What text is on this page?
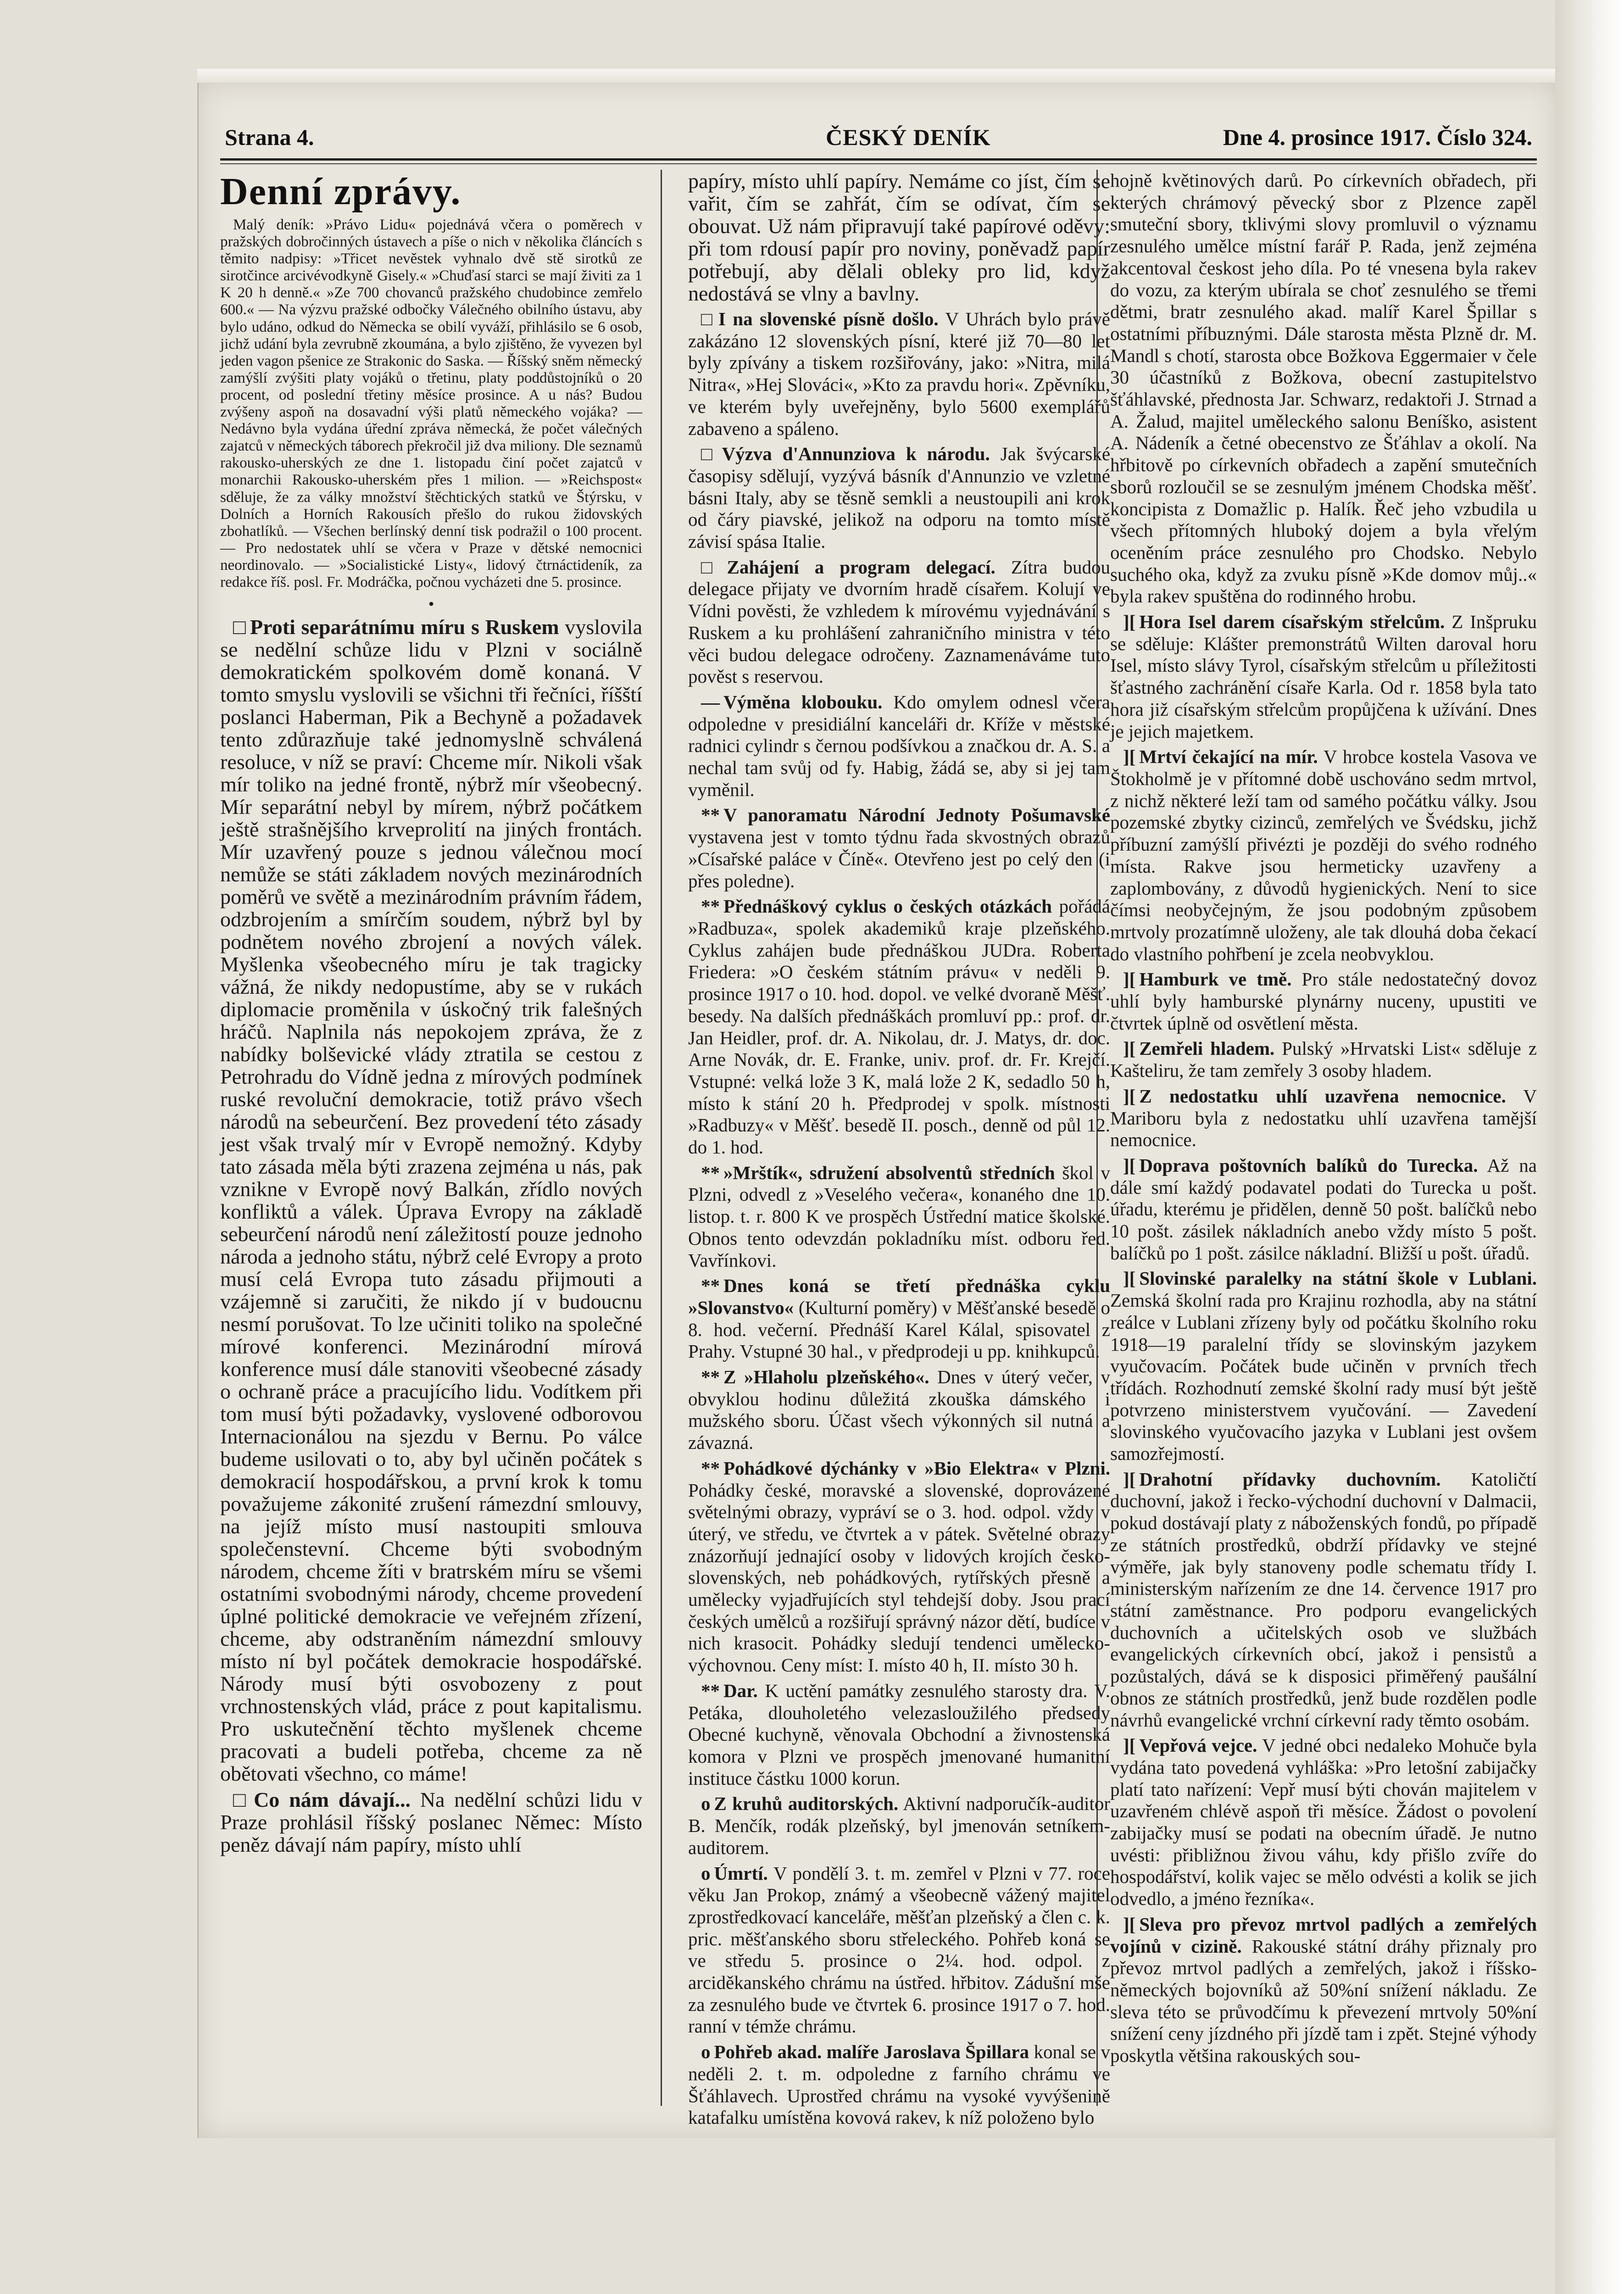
Strana 4.	ČESKÝ DENÍK	Dne 4. prosince 1917. Číslo 324.
Denní zprávy.

Malý deník: »Právo Lidu« pojednává včera o poměrech v pražských dobročinných ústavech a píše o nich v několika článcích s těmito nadpisy: »Třicet nevěstek vyhnalo dvě stě sirotků ze sirotčince arcivévodkyně Gisely.« »Chuďasí starci se mají živiti za 1 K 20 h denně.« »Ze 700 chovanců pražského chudobince zemřelo 600.« — Na výzvu pražské odbočky Válečného obilního ústavu, aby bylo udáno, odkud do Německa se obilí vyváží, přihlásilo se 6 osob, jichž udání byla zevrubně zkoumána, a bylo zjištěno, že vyvezen byl jeden vagon pšenice ze Strakonic do Saska. — Říšský sněm německý zamýšlí zvýšiti platy vojáků o třetinu, platy poddůstojníků o 20 procent, od poslední třetiny měsíce prosince. A u nás? Budou zvýšeny aspoň na dosavadní výši platů německého vojáka? — Nedávno byla vydána úřední zpráva německá, že počet válečných zajatců v německých táborech překročil již dva miliony. Dle seznamů rakousko-uherských ze dne 1. listopadu činí počet zajatců v monarchii Rakousko-uherském přes 1 milion. — »Reichspost« sděluje, že za války množství štěchtických statků ve Štýrsku, v Dolních a Horních Rakousích přešlo do rukou židovských zbohatlíků. — Všechen berlínský denní tisk podražil o 100 procent. — Pro nedostatek uhlí se včera v Praze v dětské nemocnici neordinovalo. — »Socialistické Listy«, lidový čtrnáctideník, za redakce říš. posl. Fr. Modráčka, počnou vycházeti dne 5. prosince.

•

□ Proti separátnímu míru s Ruskem vyslovila se nedělní schůze lidu v Plzni v sociálně demokratickém spolkovém domě konaná. V tomto smyslu vyslovili se všichni tři řečníci, říšští poslanci Haberman, Pik a Bechyně a požadavek tento zdůrazňuje také jednomyslně schválená resoluce, v níž se praví: Chceme mír. Nikoli však mír toliko na jedné frontě, nýbrž mír všeobecný. Mír separátní nebyl by mírem, nýbrž počátkem ještě strašnějšího krveprolití na jiných frontách. Mír uzavřený pouze s jednou válečnou mocí nemůže se státi základem nových mezinárodních poměrů ve světě a mezinárodním právním řádem, odzbrojením a smírčím soudem, nýbrž byl by podnětem nového zbrojení a nových válek. Myšlenka všeobecného míru je tak tragicky vážná, že nikdy nedopustíme, aby se v rukách diplomacie proměnila v úskočný trik falešných hráčů. Naplnila nás nepokojem zpráva, že z nabídky bolševické vlády ztratila se cestou z Petrohradu do Vídně jedna z mírových podmínek ruské revoluční demokracie, totiž právo všech národů na sebeurčení. Bez provedení této zásady jest však trvalý mír v Evropě nemožný. Kdyby tato zásada měla býti zrazena zejména u nás, pak vznikne v Evropě nový Balkán, zřídlo nových konfliktů a válek. Úprava Evropy na základě sebeurčení národů není záležitostí pouze jednoho národa a jednoho státu, nýbrž celé Evropy a proto musí celá Evropa tuto zásadu přijmouti a vzájemně si zaručiti, že nikdo jí v budoucnu nesmí porušovat. To lze učiniti toliko na společné mírové konferenci. Mezinárodní mírová konference musí dále stanoviti všeobecné zásady o ochraně práce a pracujícího lidu. Vodítkem při tom musí býti požadavky, vyslovené odborovou Internacionálou na sjezdu v Bernu. Po válce budeme usilovati o to, aby byl učiněn počátek s demokracií hospodářskou, a první krok k tomu považujeme zákonité zrušení rámezdní smlouvy, na jejíž místo musí nastoupiti smlouva společenstevní. Chceme býti svobodným národem, chceme žíti v bratrském míru se všemi ostatními svobodnými národy, chceme provedení úplné politické demokracie ve veřejném zřízení, chceme, aby odstraněním námezdní smlouvy místo ní byl počátek demokracie hospodářské. Národy musí býti osvobozeny z pout vrchnostenských vlád, práce z pout kapitalismu. Pro uskutečnění těchto myšlenek chceme pracovati a budeli potřeba, chceme za ně obětovati všechno, co máme!

□ Co nám dávají... Na nedělní schůzi lidu v Praze prohlásil říšský poslanec Němec: Místo peněz dávají nám papíry, místo uhlí

papíry, místo uhlí papíry. Nemáme co jíst, čím se vařit, čím se zahřát, čím se odívat, čím se obouvat. Už nám připravují také papírové oděvy: při tom rdousí papír pro noviny, poněvadž papír potřebují, aby dělali obleky pro lid, když nedostává se vlny a bavlny.

□ I na slovenské písně došlo. V Uhrách bylo právě zakázáno 12 slovenských písní, které již 70—80 let byly zpívány a tiskem rozšiřovány, jako: »Nitra, milá Nitra«, »Hej Slováci«, »Kto za pravdu hori«. Zpěvníku, ve kterém byly uveřejněny, bylo 5600 exemplářů zabaveno a spáleno.

□ Výzva d'Annunziova k národu. Jak švýcarské časopisy sdělují, vyzývá básník d'Annunzio ve vzletné básni Italy, aby se těsně semkli a neustoupili ani krok od čáry piavské, jelikož na odporu na tomto místě závisí spása Italie.

□ Zahájení a program delegací. Zítra budou delegace přijaty ve dvorním hradě císařem. Kolují ve Vídni pověsti, že vzhledem k mírovému vyjednávání s Ruskem a ku prohlášení zahraničního ministra v této věci budou delegace odročeny. Zaznamenáváme tuto pověst s reservou.

— Výměna klobouku. Kdo omylem odnesl včera odpoledne v presidiální kanceláři dr. Kříže v městské radnici cylindr s černou podšívkou a značkou dr. A. S. a nechal tam svůj od fy. Habig, žádá se, aby si jej tam vyměnil.

** V panoramatu Národní Jednoty Pošumavské vystavena jest v tomto týdnu řada skvostných obrazů »Císařské paláce v Číně«. Otevřeno jest po celý den (i přes poledne).

** Přednáškový cyklus o českých otázkách pořádá »Radbuza«, spolek akademiků kraje plzeňského. Cyklus zahájen bude přednáškou JUDra. Roberta Friedera: »O českém státním právu« v neděli 9. prosince 1917 o 10. hod. dopol. ve velké dvoraně Měšť. besedy. Na dalších přednáškách promluví pp.: prof. dr. Jan Heidler, prof. dr. A. Nikolau, dr. J. Matys, dr. doc. Arne Novák, dr. E. Franke, univ. prof. dr. Fr. Krejčí. Vstupné: velká lože 3 K, malá lože 2 K, sedadlo 50 h, místo k stání 20 h. Předprodej v spolk. místnosti »Radbuzy« v Měšť. besedě II. posch., denně od půl 12. do 1. hod.

** »Mrštík«, sdružení absolventů středních škol v Plzni, odvedl z »Veselého večera«, konaného dne 10. listop. t. r. 800 K ve prospěch Ústřední matice školské. Obnos tento odevzdán pokladníku míst. odboru řed. Vavřínkovi.

** Dnes koná se třetí přednáška cyklu »Slovanstvo« (Kulturní poměry) v Měšťanské besedě o 8. hod. večerní. Přednáší Karel Kálal, spisovatel z Prahy. Vstupné 30 hal., v předprodeji u pp. knihkupců.

** Z »Hlaholu plzeňského«. Dnes v úterý večer, v obvyklou hodinu důležitá zkouška dámského i mužského sboru. Účast všech výkonných sil nutná a závazná.

** Pohádkové dýchánky v »Bio Elektra« v Plzni. Pohádky české, moravské a slovenské, doprovázené světelnými obrazy, vypráví se o 3. hod. odpol. vždy v úterý, ve středu, ve čtvrtek a v pátek. Světelné obrazy znázorňují jednající osoby v lidových krojích česko-slovenských, neb pohádkových, rytířských přesně a umělecky vyjadřujících styl tehdejší doby. Jsou prací českých umělců a rozšiřují správný názor dětí, budíce v nich krasocit. Pohádky sledují tendenci umělecko-výchovnou. Ceny míst: I. místo 40 h, II. místo 30 h.

** Dar. K uctění památky zesnulého starosty dra. V. Petáka, dlouholetého velezasloužilého předsedy Obecné kuchyně, věnovala Obchodní a živnostenská komora v Plzni ve prospěch jmenované humanitní instituce částku 1000 korun.

o Z kruhů auditorských. Aktivní nadporučík-auditor B. Menčík, rodák plzeňský, byl jmenován setníkem-auditorem.

o Úmrtí. V pondělí 3. t. m. zemřel v Plzni v 77. roce věku Jan Prokop, známý a všeobecně vážený majitel zprostředkovací kanceláře, měšťan plzeňský a člen c. k. pric. měšťanského sboru střeleckého. Pohřeb koná se ve středu 5. prosince o 2¼. hod. odpol. z arciděkanského chrámu na ústřed. hřbitov. Zádušní mše za zesnulého bude ve čtvrtek 6. prosince 1917 o 7. hod. ranní v témže chrámu.

o Pohřeb akad. malíře Jaroslava Špillara konal se v neděli 2. t. m. odpoledne z farního chrámu ve Šťáhlavech. Uprostřed chrámu na vysoké vyvýšenině katafalku umístěna kovová rakev, k níž položeno bylo

hojně květinových darů. Po církevních obřadech, při kterých chrámový pěvecký sbor z Plzence zapěl smuteční sbory, tklivými slovy promluvil o významu zesnulého umělce místní farář P. Rada, jenž zejména akcentoval českost jeho díla. Po té vnesena byla rakev do vozu, za kterým ubírala se choť zesnulého se třemi dětmi, bratr zesnulého akad. malíř Karel Špillar s ostatními příbuznými. Dále starosta města Plzně dr. M. Mandl s chotí, starosta obce Božkova Eggermaier v čele 30 účastníků z Božkova, obecní zastupitelstvo šťáhlavské, přednosta Jar. Schwarz, redaktoři J. Strnad a A. Žalud, majitel uměleckého salonu Beníško, asistent A. Nádeník a četné obecenstvo ze Šťáhlav a okolí. Na hřbitově po církevních obřadech a zapění smutečních sborů rozloučil se se zesnulým jménem Chodska měšť. koncipista z Domažlic p. Halík. Řeč jeho vzbudila u všech přítomných hluboký dojem a byla vřelým oceněním práce zesnulého pro Chodsko. Nebylo suchého oka, když za zvuku písně »Kde domov můj..« byla rakev spuštěna do rodinného hrobu.

][ Hora Isel darem císařským střelcům. Z Inšpruku se sděluje: Klášter premonstrátů Wilten daroval horu Isel, místo slávy Tyrol, císařským střelcům u příležitosti šťastného zachránění císaře Karla. Od r. 1858 byla tato hora již císařským střelcům propůjčena k užívání. Dnes je jejich majetkem.

][ Mrtví čekající na mír. V hrobce kostela Vasova ve Štokholmě je v přítomné době uschováno sedm mrtvol, z nichž některé leží tam od samého počátku války. Jsou pozemské zbytky cizinců, zemřelých ve Švédsku, jichž příbuzní zamýšlí přivézti je později do svého rodného místa. Rakve jsou hermeticky uzavřeny a zaplombovány, z důvodů hygienických. Není to sice čímsi neobyčejným, že jsou podobným způsobem mrtvoly prozatímně uloženy, ale tak dlouhá doba čekací do vlastního pohřbení je zcela neobvyklou.

][ Hamburk ve tmě. Pro stále nedostatečný dovoz uhlí byly hamburské plynárny nuceny, upustiti ve čtvrtek úplně od osvětlení města.

][ Zemřeli hladem. Pulský »Hrvatski List« sděluje z Kašteliru, že tam zemřely 3 osoby hladem.

][ Z nedostatku uhlí uzavřena nemocnice. V Mariboru byla z nedostatku uhlí uzavřena tamější nemocnice.

][ Doprava poštovních balíků do Turecka. Až na dále smí každý podavatel podati do Turecka u pošt. úřadu, kterému je přidělen, denně 50 pošt. balíčků nebo 10 pošt. zásilek nákladních anebo vždy místo 5 pošt. balíčků po 1 pošt. zásilce nákladní. Bližší u pošt. úřadů.

][ Slovinské paralelky na státní škole v Lublani. Zemská školní rada pro Krajinu rozhodla, aby na státní reálce v Lublani zřízeny byly od počátku školního roku 1918—19 paralelní třídy se slovinským jazykem vyučovacím. Počátek bude učiněn v prvních třech třídách. Rozhodnutí zemské školní rady musí být ještě potvrzeno ministerstvem vyučování. — Zavedení slovinského vyučovacího jazyka v Lublani jest ovšem samozřejmostí.

][ Drahotní přídavky duchovním. Katoličtí duchovní, jakož i řecko-východní duchovní v Dalmacii, pokud dostávají platy z náboženských fondů, po případě ze státních prostředků, obdrží přídavky ve stejné výměře, jak byly stanoveny podle schematu třídy I. ministerským nařízením ze dne 14. července 1917 pro státní zaměstnance. Pro podporu evangelických duchovních a učitelských osob ve službách evangelických církevních obcí, jakož i pensistů a pozůstalých, dává se k disposici přiměřený paušální obnos ze státních prostředků, jenž bude rozdělen podle návrhů evangelické vrchní církevní rady těmto osobám.

][ Vepřová vejce. V jedné obci nedaleko Mohuče byla vydána tato povedená vyhláška: »Pro letošní zabijačky platí tato nařízení: Vepř musí býti chován majitelem v uzavřeném chlévě aspoň tři měsíce. Žádost o povolení zabijačky musí se podati na obecním úřadě. Je nutno uvésti: přibližnou živou váhu, kdy přišlo zvíře do hospodářství, kolik vajec se mělo odvésti a kolik se jich odvedlo, a jméno řezníka«.

][ Sleva pro převoz mrtvol padlých a zemřelých vojínů v cizině. Rakouské státní dráhy přiznaly pro převoz mrtvol padlých a zemřelých, jakož i říšsko-německých bojovníků až 50%ní snížení nákladu. Ze sleva této se průvodčímu k převezení mrtvoly 50%ní snížení ceny jízdného při jízdě tam i zpět. Stejné výhody poskytla většina rakouských sou-
